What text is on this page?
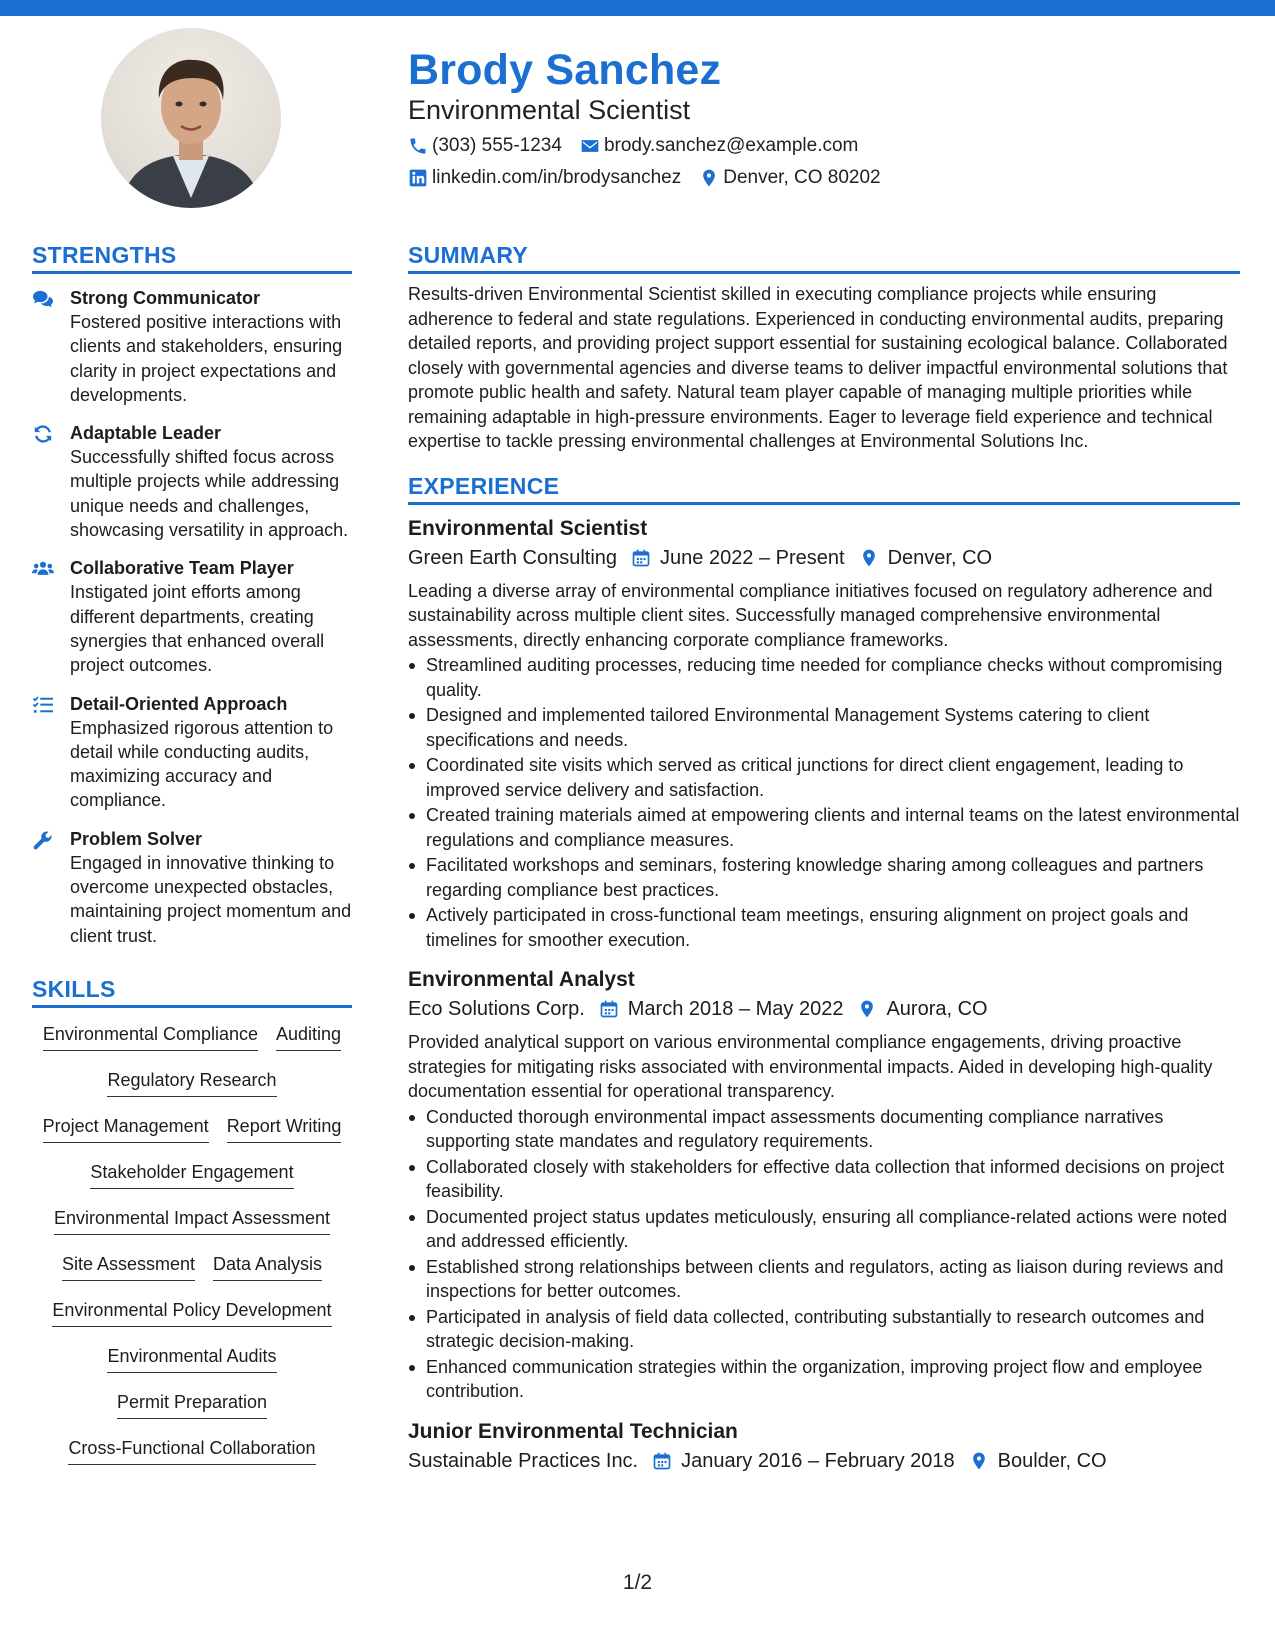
Brody Sanchez
Environmental Scientist
(303) 555-1234 brody.sanchez@example.com
linkedin.com/in/brodysanchez Denver, CO 80202
STRENGTHS
Strong Communicator
Fostered positive interactions with clients and stakeholders, ensuring clarity in project expectations and developments.
Adaptable Leader
Successfully shifted focus across multiple projects while addressing unique needs and challenges, showcasing versatility in approach.
Collaborative Team Player
Instigated joint efforts among different departments, creating synergies that enhanced overall project outcomes.
Detail-Oriented Approach
Emphasized rigorous attention to detail while conducting audits, maximizing accuracy and compliance.
Problem Solver
Engaged in innovative thinking to overcome unexpected obstacles, maintaining project momentum and client trust.
SKILLS
Environmental Compliance Auditing
Regulatory Research
Project Management Report Writing
Stakeholder Engagement
Environmental Impact Assessment
Site Assessment Data Analysis
Environmental Policy Development
Environmental Audits
Permit Preparation
Cross-Functional Collaboration
SUMMARY
Results-driven Environmental Scientist skilled in executing compliance projects while ensuring adherence to federal and state regulations. Experienced in conducting environmental audits, preparing detailed reports, and providing project support essential for sustaining ecological balance. Collaborated closely with governmental agencies and diverse teams to deliver impactful environmental solutions that promote public health and safety. Natural team player capable of managing multiple priorities while remaining adaptable in high-pressure environments. Eager to leverage field experience and technical expertise to tackle pressing environmental challenges at Environmental Solutions Inc.
EXPERIENCE
Environmental Scientist
Green Earth Consulting June 2022 – Present Denver, CO
Leading a diverse array of environmental compliance initiatives focused on regulatory adherence and sustainability across multiple client sites. Successfully managed comprehensive environmental assessments, directly enhancing corporate compliance frameworks.
Streamlined auditing processes, reducing time needed for compliance checks without compromising quality.
Designed and implemented tailored Environmental Management Systems catering to client specifications and needs.
Coordinated site visits which served as critical junctions for direct client engagement, leading to improved service delivery and satisfaction.
Created training materials aimed at empowering clients and internal teams on the latest environmental regulations and compliance measures.
Facilitated workshops and seminars, fostering knowledge sharing among colleagues and partners regarding compliance best practices.
Actively participated in cross-functional team meetings, ensuring alignment on project goals and timelines for smoother execution.
Environmental Analyst
Eco Solutions Corp. March 2018 – May 2022 Aurora, CO
Provided analytical support on various environmental compliance engagements, driving proactive strategies for mitigating risks associated with environmental impacts. Aided in developing high-quality documentation essential for operational transparency.
Conducted thorough environmental impact assessments documenting compliance narratives supporting state mandates and regulatory requirements.
Collaborated closely with stakeholders for effective data collection that informed decisions on project feasibility.
Documented project status updates meticulously, ensuring all compliance-related actions were noted and addressed efficiently.
Established strong relationships between clients and regulators, acting as liaison during reviews and inspections for better outcomes.
Participated in analysis of field data collected, contributing substantially to research outcomes and strategic decision-making.
Enhanced communication strategies within the organization, improving project flow and employee contribution.
Junior Environmental Technician
Sustainable Practices Inc. January 2016 – February 2018 Boulder, CO
1/2
